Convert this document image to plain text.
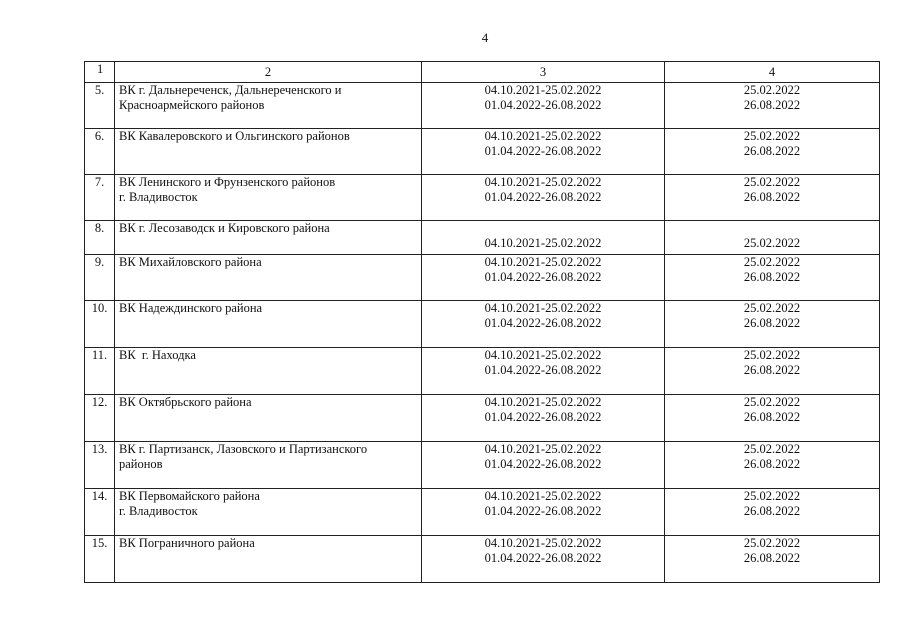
4
1	2	3	4
5.	ВК г. Дальнереченск, Дальнереченского и
Красноармейского районов	04.10.2021-25.02.2022
01.04.2022-26.08.2022	25.02.2022
26.08.2022

6.	ВК Кавалеровского и Ольгинского районов	04.10.2021-25.02.2022
01.04.2022-26.08.2022	25.02.2022
26.08.2022

7.	ВК Ленинского и Фрунзенского районов
г. Владивосток	04.10.2021-25.02.2022
01.04.2022-26.08.2022	25.02.2022
26.08.2022

8.	ВК г. Лесозаводск и Кировского района	04.10.2021-25.02.2022	25.02.2022

9.	ВК Михайловского района	04.10.2021-25.02.2022
01.04.2022-26.08.2022	25.02.2022
26.08.2022

10.	ВК Надеждинского района	04.10.2021-25.02.2022
01.04.2022-26.08.2022	25.02.2022
26.08.2022

11.	ВК  г. Находка	04.10.2021-25.02.2022
01.04.2022-26.08.2022	25.02.2022
26.08.2022

12.	ВК Октябрьского района	04.10.2021-25.02.2022
01.04.2022-26.08.2022	25.02.2022
26.08.2022

13.	ВК г. Партизанск, Лазовского и Партизанского
районов	04.10.2021-25.02.2022
01.04.2022-26.08.2022	25.02.2022
26.08.2022

14.	ВК Первомайского района
г. Владивосток	04.10.2021-25.02.2022
01.04.2022-26.08.2022	25.02.2022
26.08.2022

15.	ВК Пограничного района	04.10.2021-25.02.2022
01.04.2022-26.08.2022	25.02.2022
26.08.2022
